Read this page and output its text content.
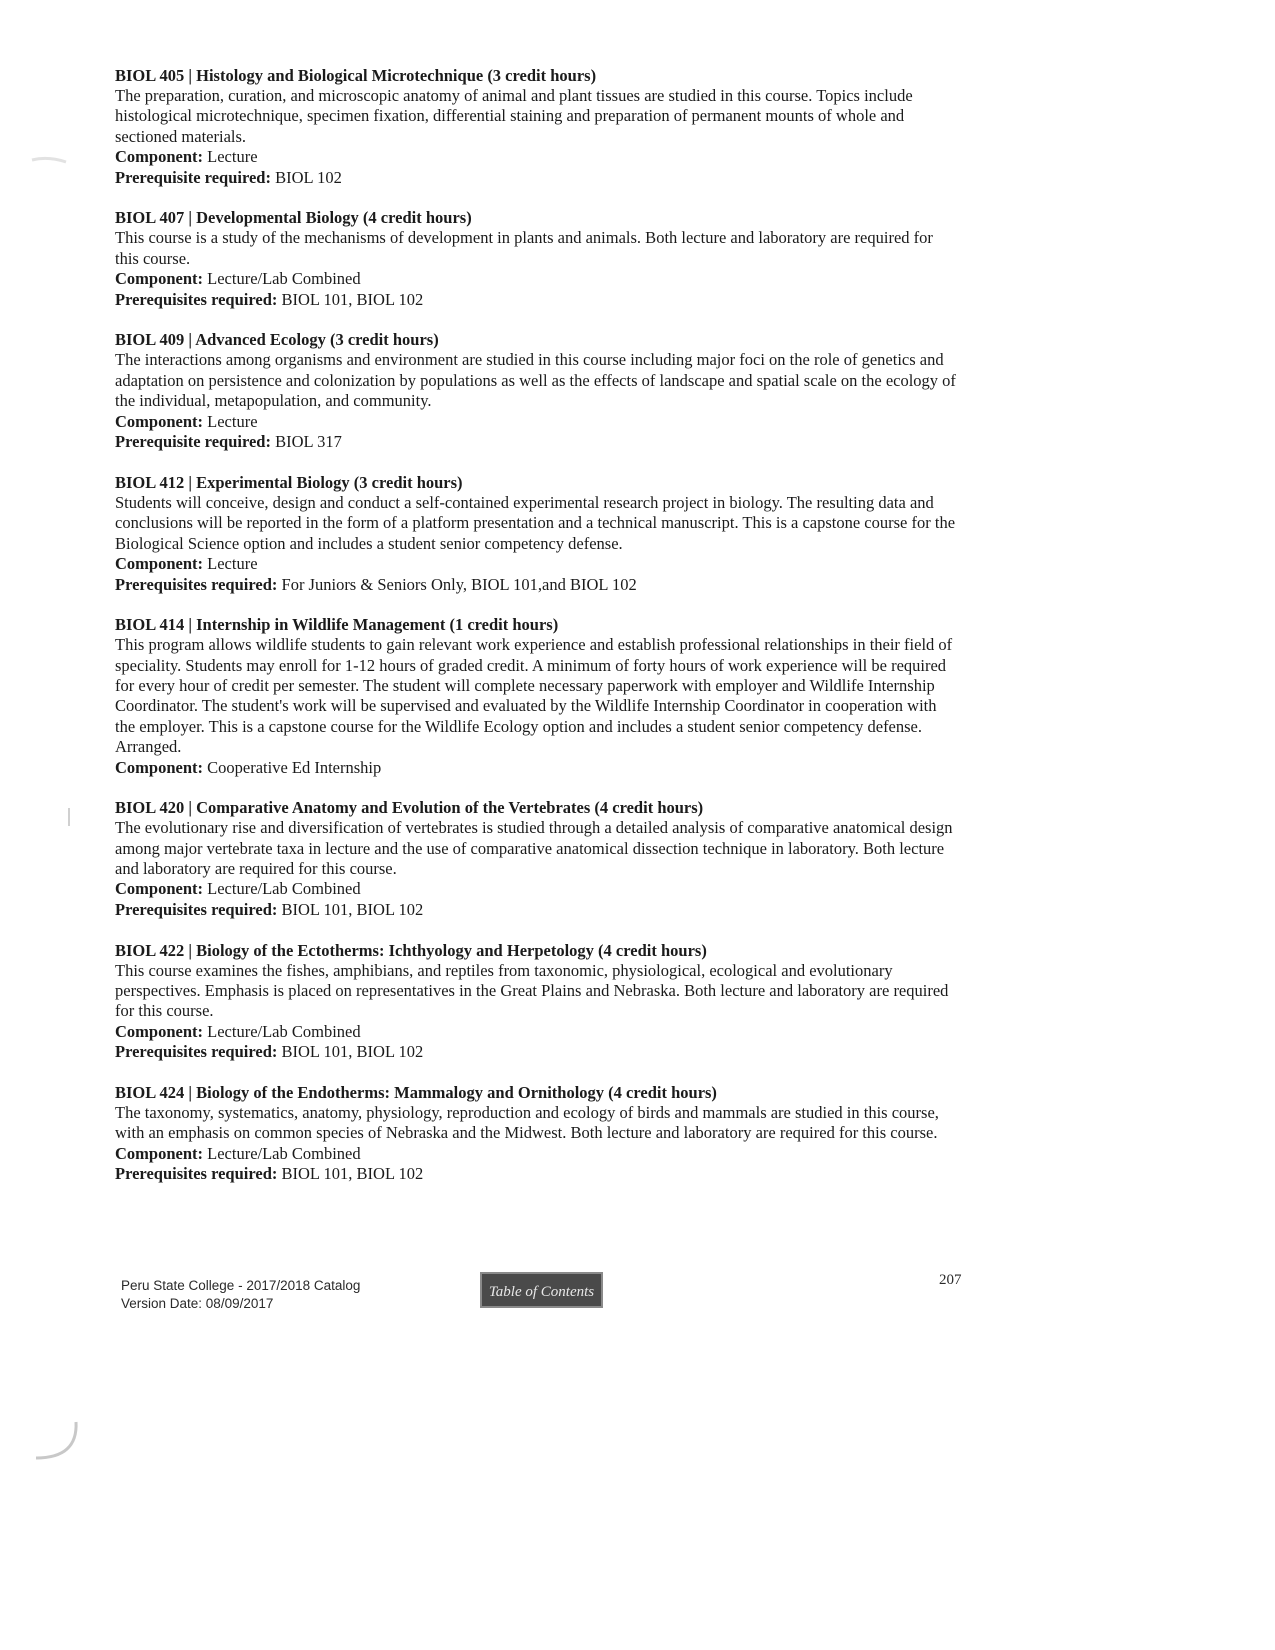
BIOL 405 | Histology and Biological Microtechnique (3 credit hours)

The preparation, curation, and microscopic anatomy of animal and plant tissues are studied in this course. Topics include histological microtechnique, specimen fixation, differential staining and preparation of permanent mounts of whole and sectioned materials.

Component: Lecture

Prerequisite required: BIOL 102

BIOL 407 | Developmental Biology (4 credit hours)

This course is a study of the mechanisms of development in plants and animals. Both lecture and laboratory are required for this course.

Component: Lecture/Lab Combined

Prerequisites required: BIOL 101, BIOL 102

BIOL 409 | Advanced Ecology (3 credit hours)

The interactions among organisms and environment are studied in this course including major foci on the role of genetics and adaptation on persistence and colonization by populations as well as the effects of landscape and spatial scale on the ecology of the individual, metapopulation, and community.

Component: Lecture

Prerequisite required: BIOL 317

BIOL 412 | Experimental Biology (3 credit hours)

Students will conceive, design and conduct a self-contained experimental research project in biology. The resulting data and conclusions will be reported in the form of a platform presentation and a technical manuscript. This is a capstone course for the Biological Science option and includes a student senior competency defense.

Component: Lecture

Prerequisites required: For Juniors & Seniors Only, BIOL 101,and BIOL 102

BIOL 414 | Internship in Wildlife Management (1 credit hours)

This program allows wildlife students to gain relevant work experience and establish professional relationships in their field of speciality. Students may enroll for 1-12 hours of graded credit. A minimum of forty hours of work experience will be required for every hour of credit per semester. The student will complete necessary paperwork with employer and Wildlife Internship Coordinator. The student's work will be supervised and evaluated by the Wildlife Internship Coordinator in cooperation with the employer. This is a capstone course for the Wildlife Ecology option and includes a student senior competency defense. Arranged.

Component: Cooperative Ed Internship

BIOL 420 | Comparative Anatomy and Evolution of the Vertebrates (4 credit hours)

The evolutionary rise and diversification of vertebrates is studied through a detailed analysis of comparative anatomical design among major vertebrate taxa in lecture and the use of comparative anatomical dissection technique in laboratory. Both lecture and laboratory are required for this course.

Component: Lecture/Lab Combined

Prerequisites required: BIOL 101, BIOL 102

BIOL 422 | Biology of the Ectotherms: Ichthyology and Herpetology (4 credit hours)

This course examines the fishes, amphibians, and reptiles from taxonomic, physiological, ecological and evolutionary perspectives. Emphasis is placed on representatives in the Great Plains and Nebraska. Both lecture and laboratory are required for this course.

Component: Lecture/Lab Combined

Prerequisites required: BIOL 101, BIOL 102

BIOL 424 | Biology of the Endotherms: Mammalogy and Ornithology (4 credit hours)

The taxonomy, systematics, anatomy, physiology, reproduction and ecology of birds and mammals are studied in this course, with an emphasis on common species of Nebraska and the Midwest. Both lecture and laboratory are required for this course.

Component: Lecture/Lab Combined

Prerequisites required: BIOL 101, BIOL 102

Peru State College - 2017/2018 Catalog
Version Date: 08/09/2017
Table of Contents
207
